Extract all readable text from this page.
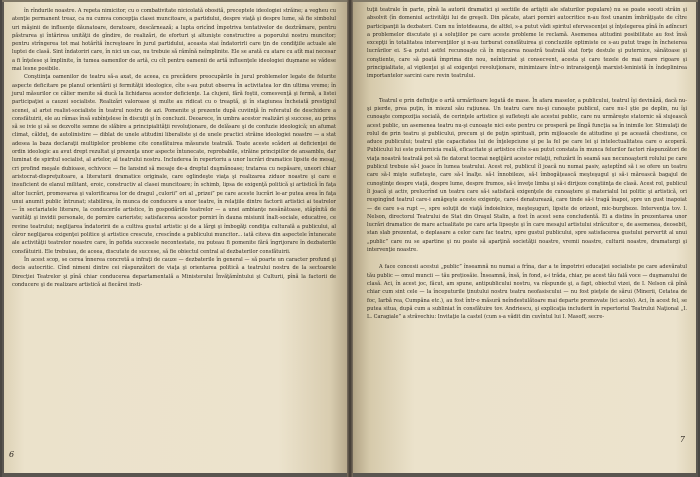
în rîndurile noastre. A repeta nimicitor, cu o combativitate nicicolată obosită, preceptele ideologiei străine; a vegheu cu atenţie permanent treaz, ca nu cumva concepţia clasei muncitoare, a partidului, despre viaţă şi despre lume, să fie simbolul uri măşinii de influenţe dăunatoare, deratoare, descărnează; a lupta oricînd împotriva tentativelor de deztrămare, pentru păstrarea şi întărirea unităţii de gîndire, de realizări, de eforturi şi altunişte constructive a poporului nostru muncitor; pentru strîngerea tot mai hotărîtă încreştoare în jurul partidului, aceasta stai îndatorirli care ţin de condiţiile actuale ale luptei de clasă. Sint îndatoriri care, în nici un caz, nu trebuie să rămînă neîmplinite. Ele se arată cu atare cu atît mai necesar a fi înţelese şi împlinite, în tumea oamenilor de artă, cu cît pentru oamenii de artă influenţele ideologiei duşmane se vădese mai lesne posibile.

Conştiinţa oamenilor de teatru să-a axat, de aceea, cu precădere preocupările în jurul problemelor legate de felurite aspecte deficitare pe planul orientării şi fermităţii ideologice, cîte s-au putut observa în activitatea lor din ultima vreme; în jurul măsurilor ce călier menite să ducă la lichidarea acestor deficienţe. La clujeni, fără foştii, comesvenţă şi fermă, a listei participaţiei a cauzei socialiste. Realizări valoroase şi multe au ridicat cu o treaptă, şi în stagiunea încheiată prestigiul scenei, al artei realist-socialiste în teatrul nostru de azi. Pomenite şi prezente după cuviinţă în referatul de deschidere a consfătuirii, ele au rămas însă subînţelese în discuţii şi în concluzii. Deoarece, în umbra acestor realizări şi succese, au prins să se ivie şi să se dezvolte semne de slăbire a principialităţii revoluţionare, de delăsare şi de confuzie ideologică; un afumat climat, călduţ, de autolinistire — diblat de unele atitudini liberaliste şi de unele practici străine ideologiei noastre — a stat adesea la baza declaraţii multiplelor probleme cite consfătuirea măsurate teatrală. Toate aceste scăderi ai deficienţei de ordin ideologic au avut drept rezultat şi prezenţa unor aspecte întunecate, reprobabile, străine principiilor de ansamblu, dar luminat de spiritul socialist, al artelor, al teatrului nostru. Includerea în repertoriu a unor lucrări dramatice lipsite de mesaj, cri profind meşale dubioase, echivoce — fie lansind să mesaje de-a dreptul duşmănoase; tratarea cu nepăsare, uneori chiar aristocrat-dispreţuitoare, a literaturii dramatice originale, care oglindeşte viaţa şi realizarea ziduor noastre şi care e insuficient de elanul militant, eroic, constructiv al clasei muncitoare; în schimb, lipsa de exigenţă politică şi artistică în faţa altor lucrări, promovarea şi valorificarea lor de dragul „culorii” ori al „prizei” pe care aceste lucrări le-ar putea avea în faţa unui anumit public întrunat; stabilirea, în munca de conducere a unor teatre, în relaţiile dintre factorii artistici ai teatrelor — în sectariatele literare, la conducerile artistice, în gospodăriile teatrelor — a unei ambianţe nesănătoase, stăpînită de vanităţi şi invidii personale, de pornire carieriste; satisfacerea acestor porniri în dauna misiunii înalt-sociale, educative, ce revine teatrului; neglijarea îndatoririi de a cultiva gustul artistic şi de a lărgi şi îmbogăţi condiţia culturală a publicului, al căror neglijarea exigenţei politice şi artistice crescute, crescînde a publicului muncitor... iată citeva din aspectele întunecate ale activităţii teatrelor noastre care, în pofida succesele necontestate, nu puteau fi pomenite fără îngrijorare în dezbaterile consfătuirii. Ele trebuiau, de aceea, discutate de succese, să fie obiectul central al dezbaterilor consfătuirii.

În acest scop, se cerea înnerea concretă a infraţi de cauze — dezbaterile în general — să poarte un caracter profund şi decis autocritic. Cînd nimeni dintre cei răspunzători de viaţa şi orientarea politică a teatrului nostru de la sectoarele Direcţiei Teatrelor şi pînă chiar conducerea departamentală a Ministerului Învăţămîntului şi Culturii, pînă la factorii de conducere şi de realizare artistică ai fiecărei insti-

6

tuţii teatrale în parte, pînă la autorii dramatici şi sectiile de artiştii ale sfaturilor populare) nu se poate socoti străin şi absolvit (în domeniul activităţii lui de greşeli. Din păcate, atari porniri autocritice n-au fost unanim îmbrăţişate de cître participanţii la dezbateri. Cum nu întotdeauna, de altfel, s-a putut vădi spiritul efervescenţei şi înţelegerea pînă în adîncuri a problemelor discutate şi a soluţiilor pe care aceste probleme le reclamă. Asemenea atitudini posibilitate au fost însă excepţii în totalitatea intervenţiilor şi n-au turburat consfătuirea şi concluziile optimiste ce s-au putut trage în încheierea lucrărilor ei. S-a putut astfel recunoaşte că în mişcarea noastră teatrală stat forţe destule şi puternice, sănătoase şi conştiente, care să poată împrima din nou, neîntirziat şi consecvent, acesta şi care tezele de mai mare rigoare şi principialitate, al vigilenţei şi al exigenţei revoluţionare, minimizare într-o intransigenţă marxist-leninistă în îndeplinirea importantelor sarcini care revin teatrului.

Teatrul e prin definiţie o artă urmăritoare legată de mase. În afara maselor, a publicului, teatrul îşi devinăză, dacă nu-şi pierde, prea puţin, în miezul său raţiunea. Un teatru care nu-şi cunoaşte publicul, care nu-l ştie pe deplin, nu îşi cunoaşte compoziţia socială, de cerinţele artistice şi sufleteşti ale acestui public, care nu urmăreşte statornic să slujească acest public, un asemenea teatru nu-şi cunoaşte nici este pentru ce prosperă pe lîngă funcţia sa în inimile lor. Stimulaţi de rolul de prin teatru şi publicului, precum şi de puţin spirituali, prin mijloacele de atitudine şi pe această chestiune, ce aduce publicului; teatrul ştie capacitatea lui de înţelepciune şi pe la fel pe care lei şi intelectualitatea care o acoperă. Publicului lui este puternicia reală, eficacitate şi artistice cîte s-au putut constata în munca felurilor factori răspunzători de viaţa noastră teatrală pot să fie datorat tocmai neglijării acestor relaţii, refuzării în seamă sau necunoaşterii rolului pe care publicul trebuie să-l joace în lumea teatrului. Acest rol, publicul îl joacă nu numai pasiv, așteptînd să i se ofere un teatru care să-l mişte sufleteşte, care să-l înalţe. să-l înnobileze, să-l îmbogăţească meşteşugul şi să-i mărească bagajul de cunoştinţe despre viaţă, despre lume, despre frumos, să-i înveţe limba şi să-i dirijeze conştiinţa de clasă. Acest rol, publicul îl joacă şi activ, prelucrînd un teatru care să-i satisfacă exigenţele de cunoaştere şi materialul lui politic şi artistică, ori respingînd teatrul care-i amăgeşte aceste exigenţe, care-i denaturează, care tinde să-i tragă înapoi, spre un gust inapoiat — de care s-a rupt —, spre soluţii de viaţă îndoielnice, meşteşuguri, lipsite de orizont, mic-burgheze. Intervenţia tov. I. Nelson, directorul Teatrului de Stat din Oraşul Stalin, a fost în acest sens concludentă. Ei a distins în prezentarea unor lucrări dramatice de mare actualitate pe care arta lipseşte şi în care mesajul artistului străcuitor e, de asemenea, deosebit, stan slab prezentat, o deplasare a celor care fac teatru, spre gustul publicului, spre satisfacerea gustului pervertit al unui „public” care nu se apartine şi nu poate să aparţină societăţii noastre, vremii noastre, culturii noastre, dramaturgi şi intervenţie noastre.

A face concesii acestui „public” înseamnă nu numai a frîna, dar a te împotrivi educaţiei socialiste pe care adevăratul tău public — omul muncii — tău prețiosăie. Înseamnă, însă, în fond, a-i trăda, chiar, pe acest tău fală voce — duşmanului de clasă. Aci, în acest joc, făcut, am spune, antipublicului nostru, va răspunde şi, a fapt, obiectul vizei, de I. Nelson că pînă chiar cum sint cele — la începuturile ţinutului nostru teatru neofasiscului — nu fost pieţele de sărui (Minerii, Cetatea de foc, Iarbă rea, Cumpăna etc.), au fost într-o măsură neîndestulătoare mai departe promovate (ici acolo). Aci, în acest fel, se putea situa, după cum a subliniat în consfătuire tov. Andriescu, şi explicaţia includerii în repertoriul Teatrului Naţional „I. L. Caragiale” a străvechiu: Invitaţie la castel (cum s-a vădit din cuvîntul lui I. Masoff, secre-

7
